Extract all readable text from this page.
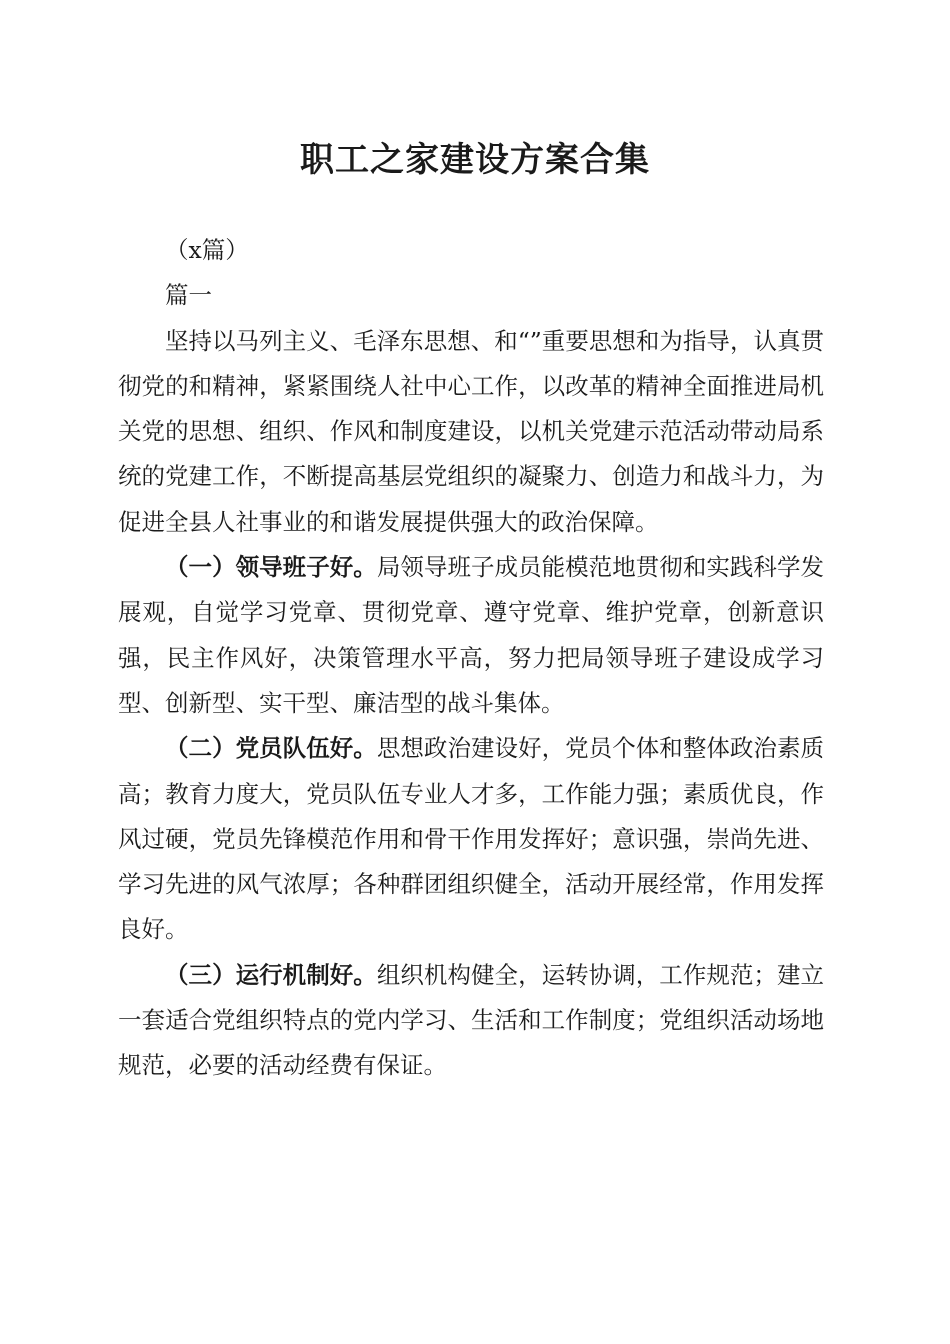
职工之家建设方案合集

（x篇）

篇一

坚持以马列主义、毛泽东思想、和“”重要思想和为指导，认真贯彻党的和精神，紧紧围绕人社中心工作，以改革的精神全面推进局机关党的思想、组织、作风和制度建设，以机关党建示范活动带动局系统的党建工作，不断提高基层党组织的凝聚力、创造力和战斗力，为促进全县人社事业的和谐发展提供强大的政治保障。

（一）领导班子好。局领导班子成员能模范地贯彻和实践科学发展观，自觉学习党章、贯彻党章、遵守党章、维护党章，创新意识强，民主作风好，决策管理水平高，努力把局领导班子建设成学习型、创新型、实干型、廉洁型的战斗集体。

（二）党员队伍好。思想政治建设好，党员个体和整体政治素质高；教育力度大，党员队伍专业人才多，工作能力强；素质优良，作风过硬，党员先锋模范作用和骨干作用发挥好；意识强，崇尚先进、学习先进的风气浓厚；各种群团组织健全，活动开展经常，作用发挥良好。

（三）运行机制好。组织机构健全，运转协调，工作规范；建立一套适合党组织特点的党内学习、生活和工作制度；党组织活动场地规范，必要的活动经费有保证。
